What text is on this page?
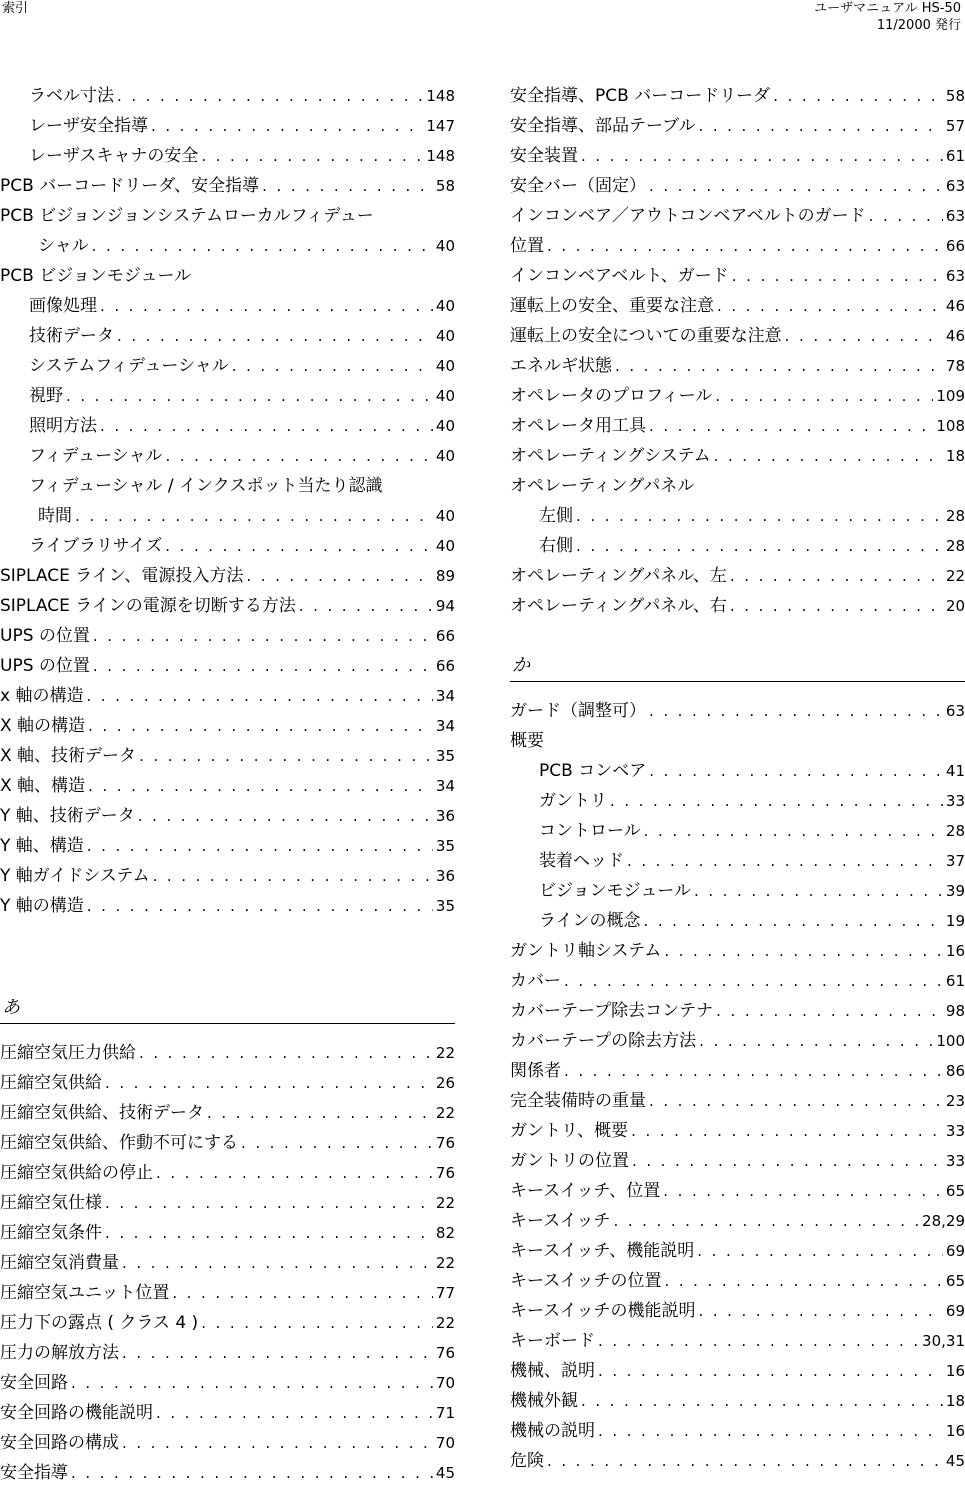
索引	ユーザマニュアル HS-50
11/2000 発行
ラベル寸法 . . .	148
レーザ安全指導 . . .	147
レーザスキャナの安全 . . .	148
PCB バーコードリーダ、安全指導 . . .	58
PCB ビジョンジョンシステムローカルフィデュー
シャル . . .	40
PCB ビジョンモジュール
画像処理 . . .	40
技術データ . . .	40
システムフィデューシャル . . .	40
視野 . . .	40
照明方法 . . .	40
フィデューシャル . . .	40
フィデューシャル / インクスポット当たり認識
時間 . . .	40
ライブラリサイズ . . .	40
SIPLACE ライン、電源投入方法 . . .	89
SIPLACE ラインの電源を切断する方法 . . .	94
UPS の位置 . . .	66
UPS の位置 . . .	66
x 軸の構造 . . .	34
X 軸の構造 . . .	34
X 軸、技術データ . . .	35
X 軸、構造 . . .	34
Y 軸、技術データ . . .	36
Y 軸、構造 . . .	35
Y 軸ガイドシステム . . .	36
Y 軸の構造 . . .	35
あ
圧縮空気圧力供給 . . .	22
圧縮空気供給 . . .	26
圧縮空気供給、技術データ . . .	22
圧縮空気供給、作動不可にする . . .	76
圧縮空気供給の停止 . . .	76
圧縮空気仕様 . . .	22
圧縮空気条件 . . .	82
圧縮空気消費量 . . .	22
圧縮空気ユニット位置 . . .	77
圧力下の露点 ( クラス 4 ) . . .	22
圧力の解放方法 . . .	76
安全回路 . . .	70
安全回路の機能説明 . . .	71
安全回路の構成 . . .	70
安全指導 . . .	45
安全指導、PCB バーコードリーダ . . .	58
安全指導、部品テーブル . . .	57
安全装置 . . .	61
安全バー（固定） . . .	63
インコンベア／アウトコンベアベルトのガード . . .	63
位置 . . .	66
インコンベアベルト、ガード . . .	63
運転上の安全、重要な注意 . . .	46
運転上の安全についての重要な注意 . . .	46
エネルギ状態 . . .	78
オペレータのプロフィール . . .	109
オペレータ用工具 . . .	108
オペレーティングシステム . . .	18
オペレーティングパネル
左側 . . .	28
右側 . . .	28
オペレーティングパネル、左 . . .	22
オペレーティングパネル、右 . . .	20
か
ガード（調整可） . . .	63
概要
PCB コンベア . . .	41
ガントリ . . .	33
コントロール . . .	28
装着ヘッド . . .	37
ビジョンモジュール . . .	39
ラインの概念 . . .	19
ガントリ軸システム . . .	16
カバー . . .	61
カバーテープ除去コンテナ . . .	98
カバーテープの除去方法 . . .	100
関係者 . . .	86
完全装備時の重量 . . .	23
ガントリ、概要 . . .	33
ガントリの位置 . . .	33
キースイッチ、位置 . . .	65
キースイッチ . . .	28,29
キースイッチ、機能説明 . . .	69
キースイッチの位置 . . .	65
キースイッチの機能説明 . . .	69
キーボード . . .	30,31
機械、説明 . . .	16
機械外観 . . .	18
機械の説明 . . .	16
危険 . . .	45
